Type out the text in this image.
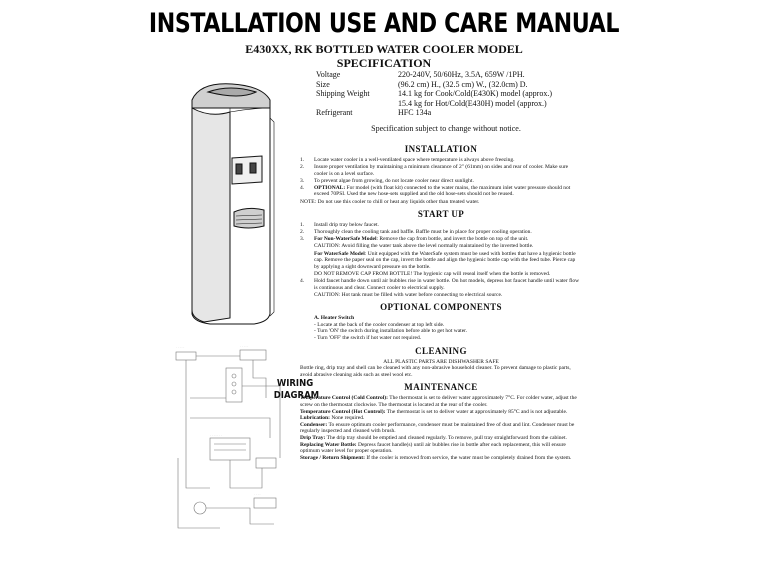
INSTALLATION USE AND CARE MANUAL
E430XX, RK BOTTLED WATER COOLER MODEL
SPECIFICATION
Voltage	220-240V, 50/60Hz, 3.5A, 659W /1PH.
Size	(96.2 cm) H., (32.5 cm) W., (32.0cm) D.
Shipping Weight	14.1 kg for Cook/Cold(E430K) model (approx.)
15.4 kg for Hot/Cold(E430H) model (approx.)
Refrigerant	HFC 134a
Specification subject to change without notice.
· · · · ·	· · · · ·
· · · · · · ·
· · · ·
WIRING
DIAGRAM
INSTALLATION
1.	Locate water cooler in a well-ventilated space where temperature is always above freezing.
2.	Insure proper ventilation by maintaining a minimum clearance of 2" (61mm) on sides and rear of cooler. Make sure cooler is on a level surface.
3.	To prevent algae from growing, do not locate cooler near direct sunlight.
4.	OPTIONAL: For model (with float kit) connected to the water mains, the maximum inlet water pressure should not exceed 70PSI. Used the new hose-sets supplied and the old hose-sets should not be reused.
NOTE: Do not use this cooler to chill or heat any liquids other than treated water.
START UP
1.	Install drip tray below faucet.
2.	Thoroughly clean the cooling tank and baffle. Baffle must be in place for proper cooling operation.
3.	For Non-WaterSafe Model: Remove the cap from bottle, and invert the bottle on top of the unit.
CAUTION: Avoid filling the water tank above the level normally maintained by the inverted bottle.
For WaterSafe Model: Unit equipped with the WaterSafe system must be used with bottles that have a hygienic bottle cap. Remove the paper seal on the cap, invert the bottle and align the hygienic bottle cap with the feed tube. Pierce cap by applying a sight downward pressure on the bottle.
DO NOT REMOVE CAP FROM BOTTLE! The hygienic cap will reseal itself when the bottle is removed.
4.	Hold faucet handle down until air bubbles rise in water bottle. On hot models, depress hot faucet handle until water flow is continuous and clear. Connect cooler to electrical supply.
CAUTION: Hot tank must be filled with water before connecting to electrical source.
OPTIONAL COMPONENTS
A. Heater Switch
- Locate at the back of the cooler condenser at top left side.
- Turn 'ON' the switch during installation before able to get hot water.
- Turn 'OFF' the switch if hot water not required.
CLEANING
ALL PLASTIC PARTS ARE DISHWASHER SAFE
Bottle ring, drip tray and shell can be cleaned with any non-abrasive household cleaner. To prevent damage to plastic parts, avoid abrasive cleaning aids such as steel wool etc.
MAINTENANCE
Temperature Control (Cold Control): The thermostat is set to deliver water approximately 7°C. For colder water, adjust the screw on the thermostat clockwise. The thermostat is located at the rear of the cooler.
Temperature Control (Hot Control): The thermostat is set to deliver water at approximately 85°C and is not adjustable.
Lubrication: None required.
Condenser: To ensure optimum cooler performance, condenser must be maintained free of dust and lint. Condenser must be regularly inspected and cleaned with brush.
Drip Tray: The drip tray should be emptied and cleaned regularly. To remove, pull tray straightforward from the cabinet.
Replacing Water Bottle: Depress faucet handle(s) until air bubbles rise in bottle after each replacement, this will ensure optimum water level for proper operation.
Storage / Return Shipment: If the cooler is removed from service, the water must be completely drained from the system.
